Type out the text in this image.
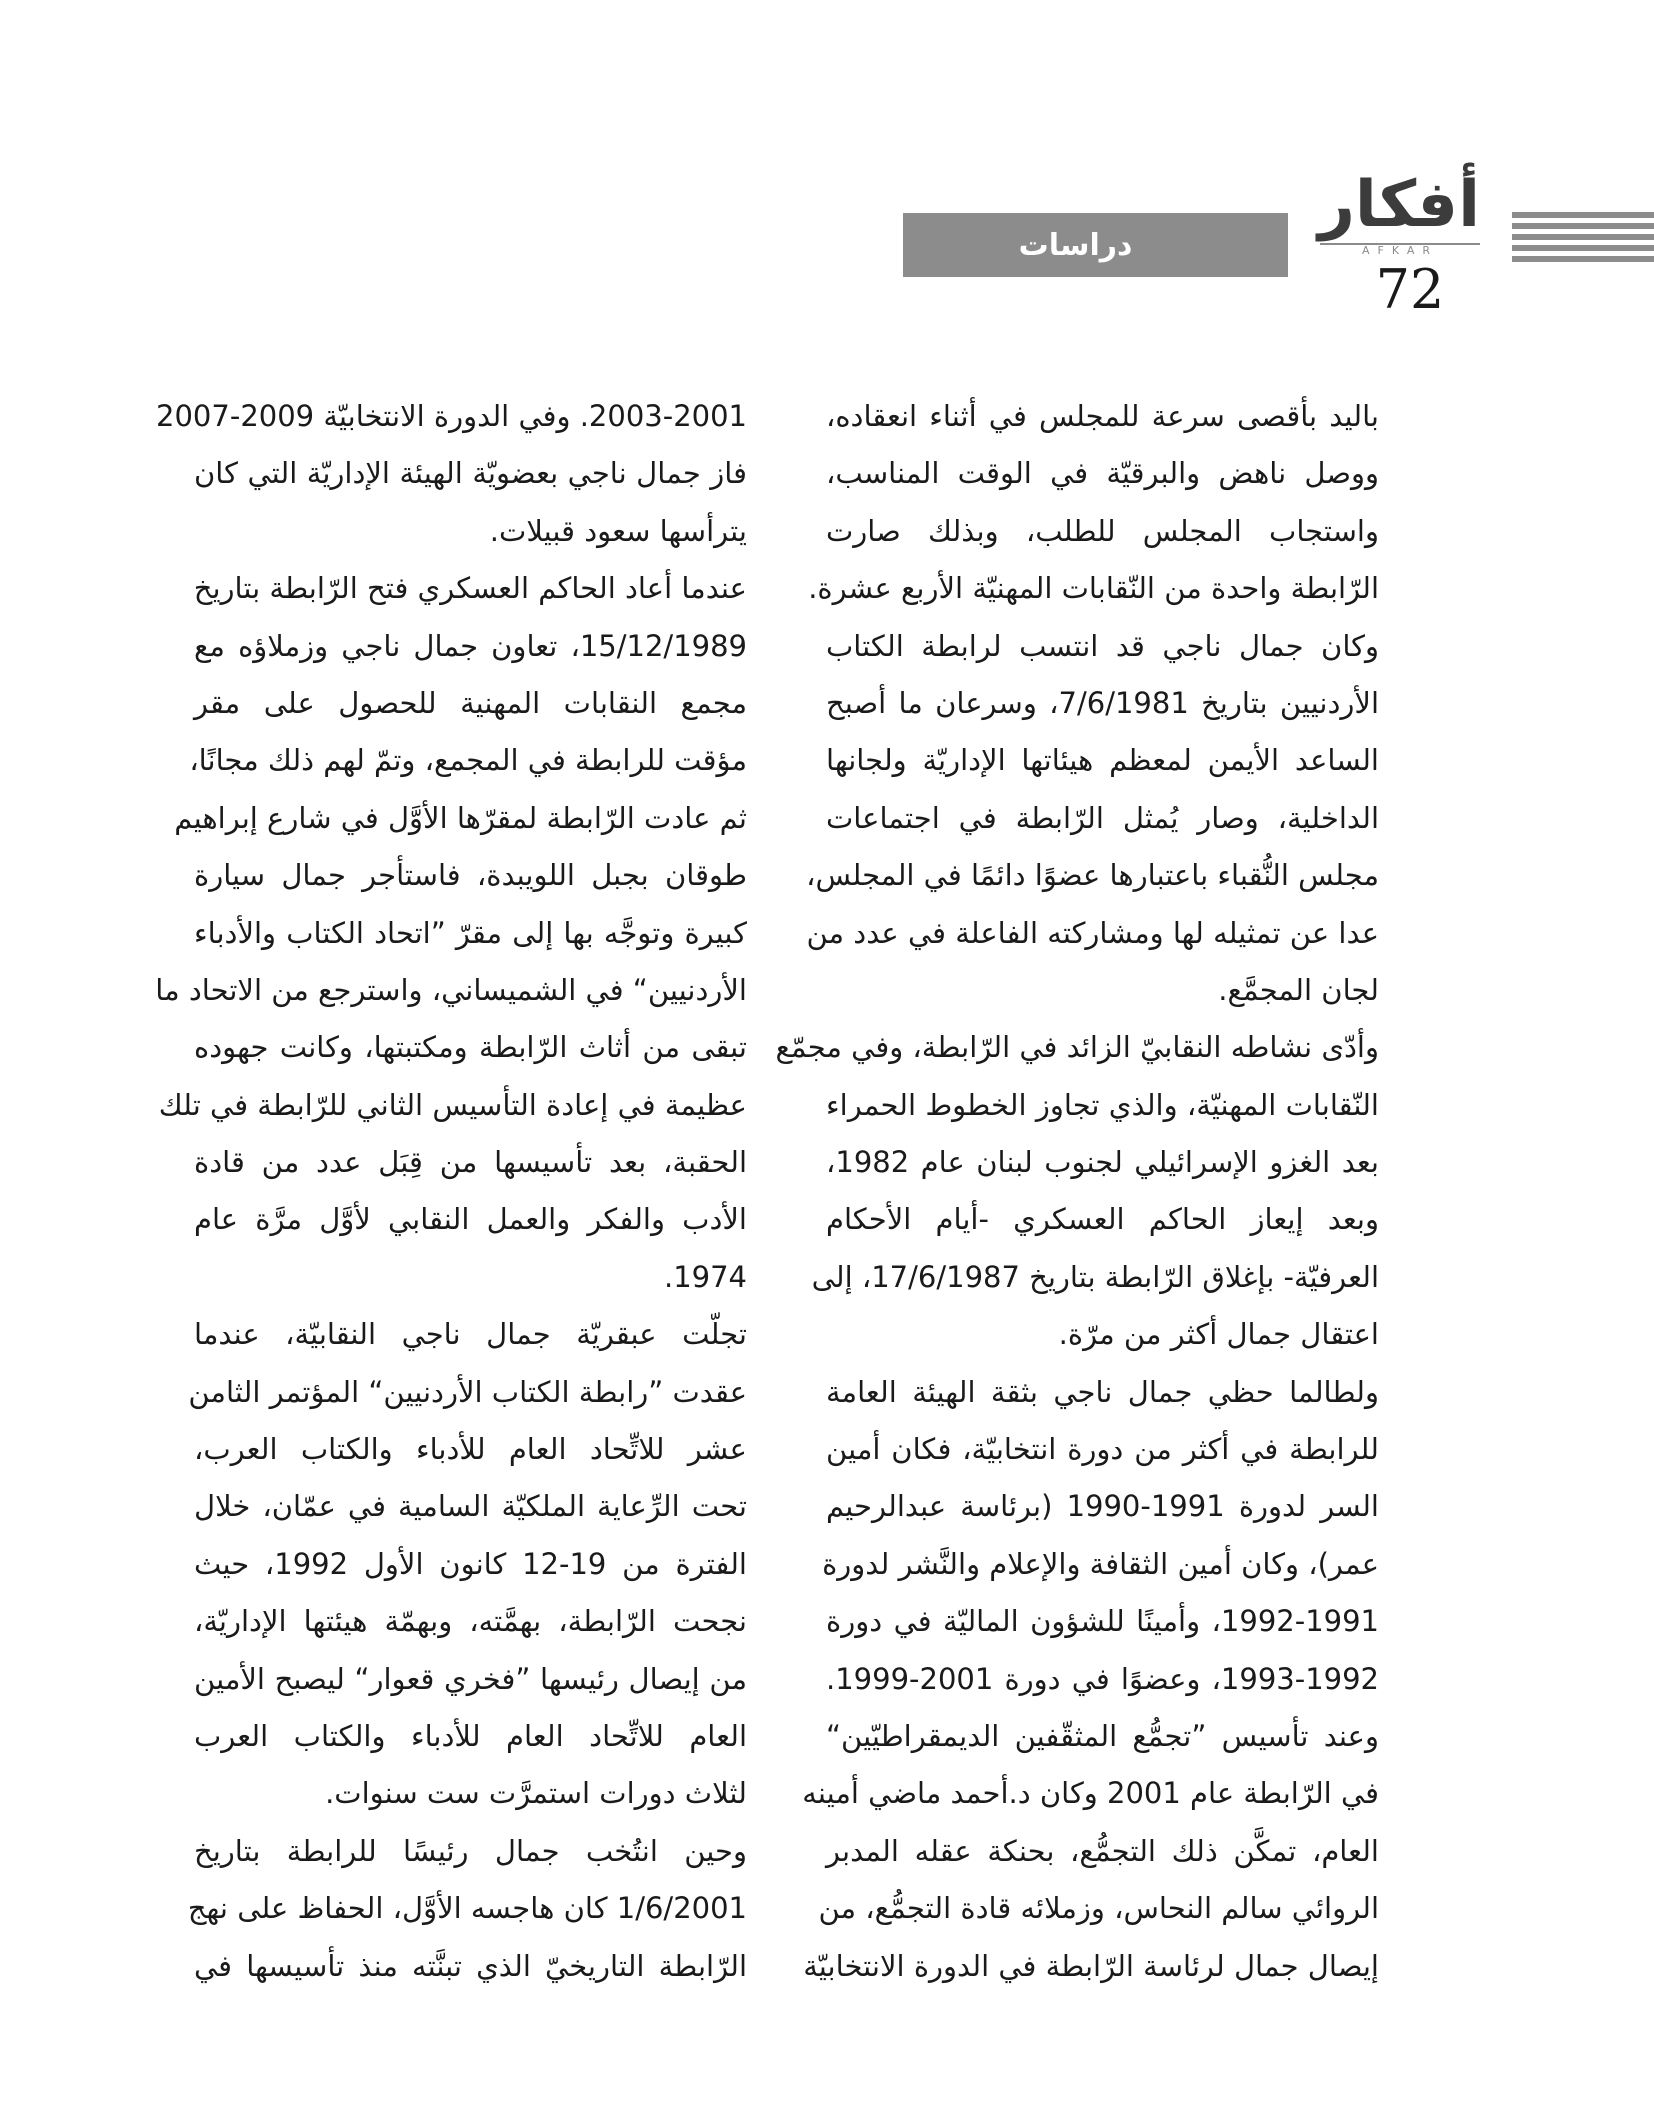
أفكار
AFKAR
دراسات
72
باليد بأقصى سرعة للمجلس في أثناء انعقاده،
ووصل ناهض والبرقيّة في الوقت المناسب،
واستجاب المجلس للطلب، وبذلك صارت
الرّابطة واحدة من النّقابات المهنيّة الأربع عشرة.
وكان جمال ناجي قد انتسب لرابطة الكتاب
الأردنيين بتاريخ 7/6/1981، وسرعان ما أصبح
الساعد الأيمن لمعظم هيئاتها الإداريّة ولجانها
الداخلية، وصار يُمثل الرّابطة في اجتماعات
مجلس النُّقباء باعتبارها عضوًا دائمًا في المجلس،
عدا عن تمثيله لها ومشاركته الفاعلة في عدد من
لجان المجمَّع.
وأدّى نشاطه النقابيّ الزائد في الرّابطة، وفي مجمّع
النّقابات المهنيّة، والذي تجاوز الخطوط الحمراء
بعد الغزو الإسرائيلي لجنوب لبنان عام 1982،
وبعد إيعاز الحاكم العسكري -أيام الأحكام
العرفيّة- بإغلاق الرّابطة بتاريخ 17/6/1987، إلى
اعتقال جمال أكثر من مرّة.
ولطالما حظي جمال ناجي بثقة الهيئة العامة
للرابطة في أكثر من دورة انتخابيّة، فكان أمين
السر لدورة 1991-1990 (برئاسة عبدالرحيم
عمر)، وكان أمين الثقافة والإعلام والنَّشر لدورة
1992-1991، وأمينًا للشؤون الماليّة في دورة
1993-1992، وعضوًا في دورة 2001-1999.
وعند تأسيس ”تجمُّع المثقّفين الديمقراطيّين“
في الرّابطة عام 2001 وكان د.أحمد ماضي أمينه
العام، تمكَّن ذلك التجمُّع، بحنكة عقله المدبر
الروائي سالم النحاس، وزملائه قادة التجمُّع، من
إيصال جمال لرئاسة الرّابطة في الدورة الانتخابيّة
2003-2001. وفي الدورة الانتخابيّة 2009-2007
فاز جمال ناجي بعضويّة الهيئة الإداريّة التي كان
يترأسها سعود قبيلات.
عندما أعاد الحاكم العسكري فتح الرّابطة بتاريخ
15/12/1989، تعاون جمال ناجي وزملاؤه مع
مجمع النقابات المهنية للحصول على مقر
مؤقت للرابطة في المجمع، وتمّ لهم ذلك مجانًا،
ثم عادت الرّابطة لمقرّها الأوَّل في شارع إبراهيم
طوقان بجبل اللويبدة، فاستأجر جمال سيارة
كبيرة وتوجَّه بها إلى مقرّ ”اتحاد الكتاب والأدباء
الأردنيين“ في الشميساني، واسترجع من الاتحاد ما
تبقى من أثاث الرّابطة ومكتبتها، وكانت جهوده
عظيمة في إعادة التأسيس الثاني للرّابطة في تلك
الحقبة، بعد تأسيسها من قِبَل عدد من قادة
الأدب والفكر والعمل النقابي لأوَّل مرَّة عام
1974.
تجلّت عبقريّة جمال ناجي النقابيّة، عندما
عقدت ”رابطة الكتاب الأردنيين“ المؤتمر الثامن
عشر للاتِّحاد العام للأدباء والكتاب العرب،
تحت الرِّعاية الملكيّة السامية في عمّان، خلال
الفترة من 19-12 كانون الأول 1992، حيث
نجحت الرّابطة، بهمَّته، وبهمّة هيئتها الإداريّة،
من إيصال رئيسها ”فخري قعوار“ ليصبح الأمين
العام للاتِّحاد العام للأدباء والكتاب العرب
لثلاث دورات استمرَّت ست سنوات.
وحين انتُخب جمال رئيسًا للرابطة بتاريخ
1/6/2001 كان هاجسه الأوَّل، الحفاظ على نهج
الرّابطة التاريخيّ الذي تبنَّته منذ تأسيسها في
